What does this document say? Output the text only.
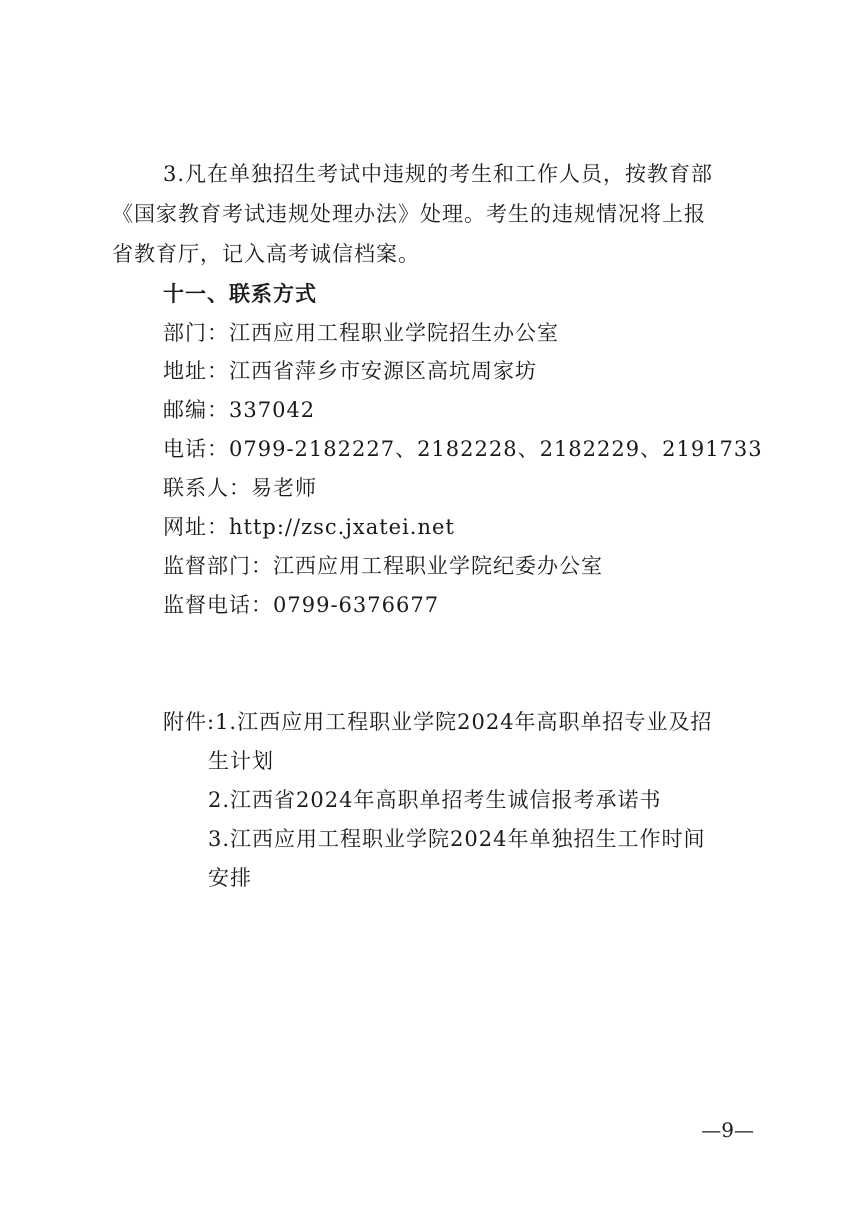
3.凡在单独招生考试中违规的考生和工作人员，按教育部
《国家教育考试违规处理办法》处理。考生的违规情况将上报
省教育厅，记入高考诚信档案。
十一、联系方式
部门：江西应用工程职业学院招生办公室
地址：江西省萍乡市安源区高坑周家坊
邮编：337042
电话：0799-2182227、2182228、2182229、2191733
联系人：易老师
网址：http://zsc.jxatei.net
监督部门：江西应用工程职业学院纪委办公室
监督电话：0799-6376677
附件:1.江西应用工程职业学院2024年高职单招专业及招
生计划
2.江西省2024年高职单招考生诚信报考承诺书
3.江西应用工程职业学院2024年单独招生工作时间
安排
—9—
